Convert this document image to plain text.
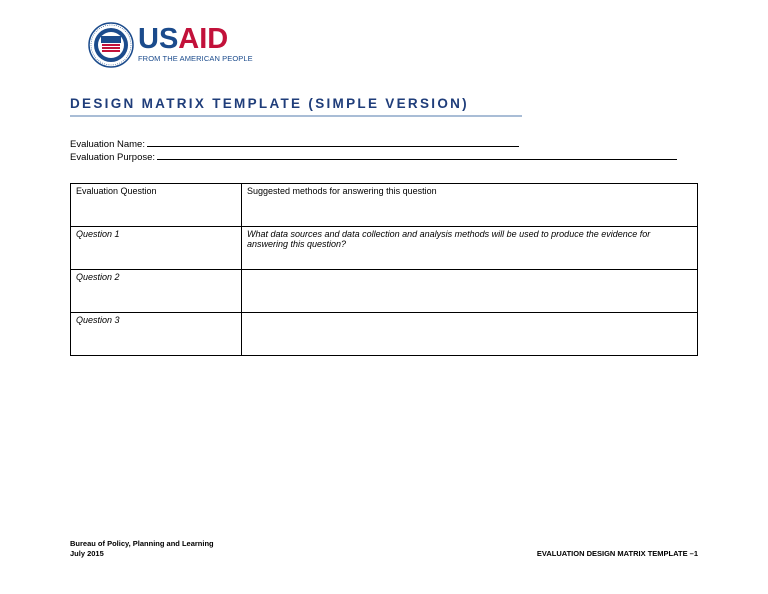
USAID
FROM THE AMERICAN PEOPLE
DESIGN MATRIX TEMPLATE (SIMPLE VERSION)
Evaluation Name:
Evaluation Purpose:
Evaluation Question	Suggested methods for answering this question
Question 1	What data sources and data collection and analysis methods will be used to produce the evidence for answering this question?
Question 2	
Question 3	
Bureau of Policy, Planning and Learning
July 2015	EVALUATION DESIGN MATRIX TEMPLATE –1
